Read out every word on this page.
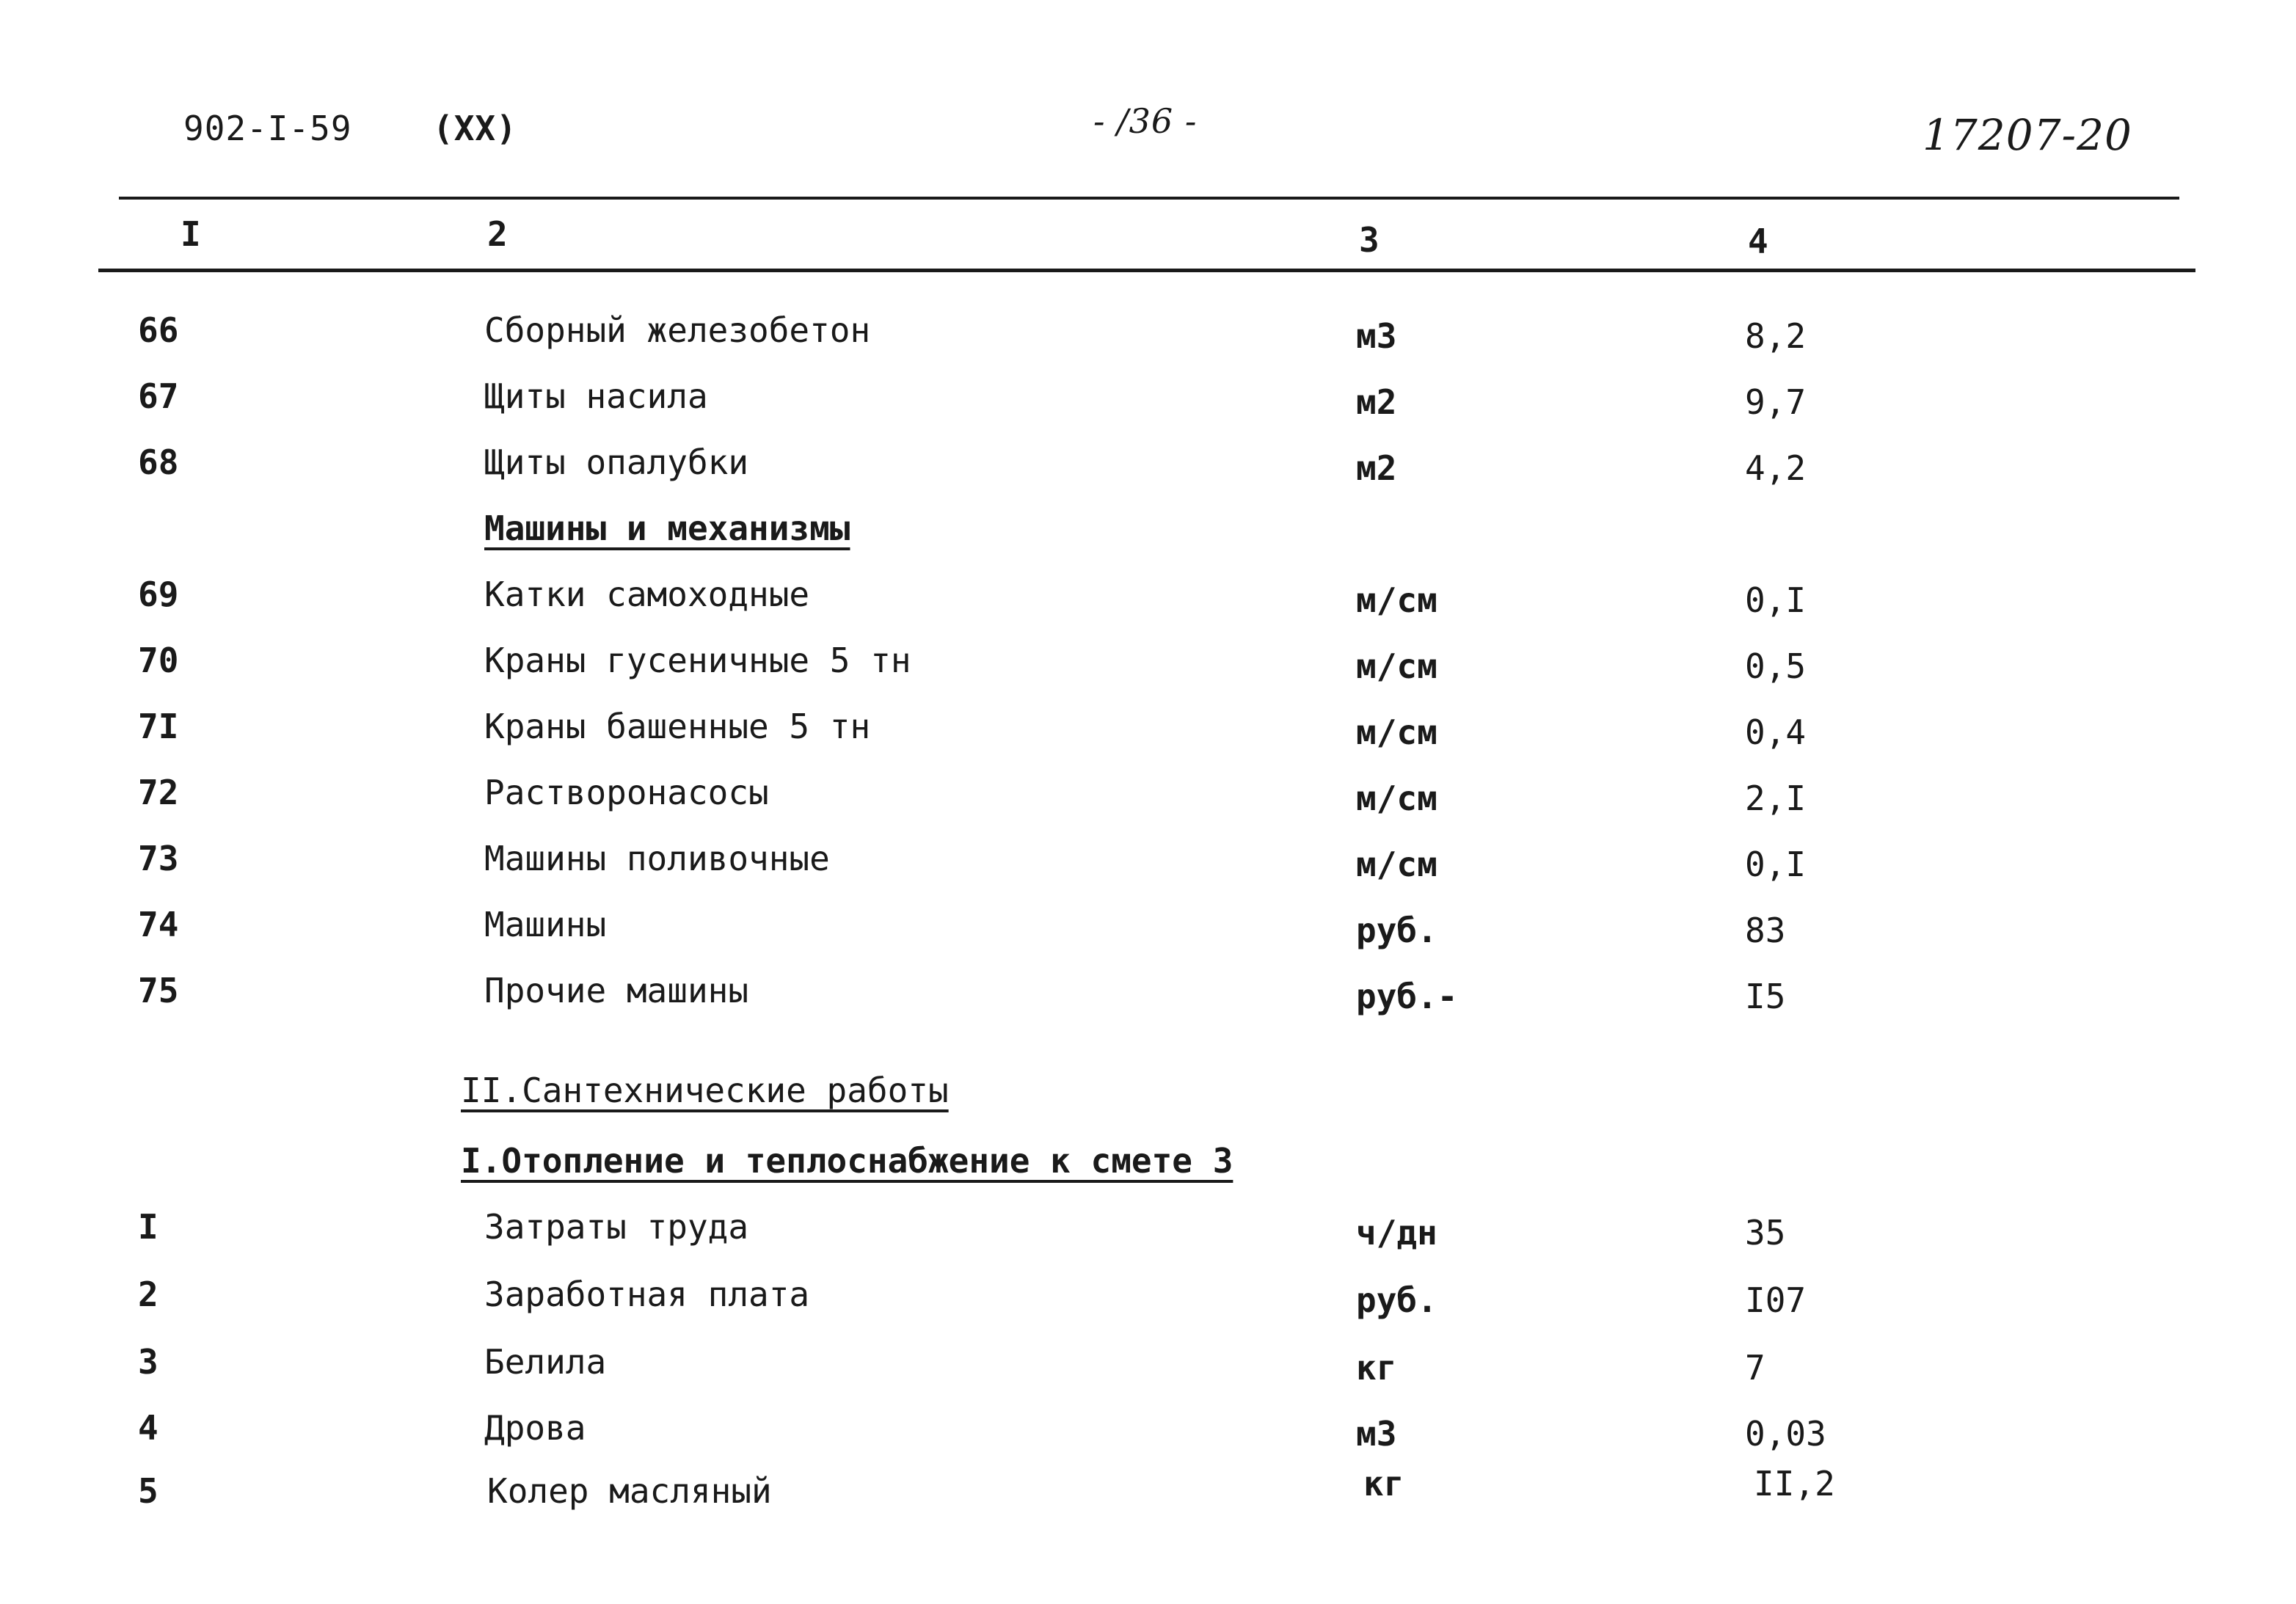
902-I-59 (XX)	- /36 -	17207-20
I	2	3	4
66	Сборный железобетон	м3	8,2
67	Щиты насила	м2	9,7
68	Щиты опалубки	м2	4,2
Машины и механизмы
69	Катки самоходные	м/см	0,I
70	Краны гусеничные 5 тн	м/см	0,5
7I	Краны башенные 5 тн	м/см	0,4
72	Растворонасосы	м/см	2,I
73	Машины поливочные	м/см	0,I
74	Машины	руб.	83
75	Прочие машины	руб.-	I5
II.Сантехнические работы
I.Отопление и теплоснабжение к смете 3
I	Затраты труда	ч/дн	35
2	Заработная плата	руб.	I07
3	Белила	кг	7
4	Дрова	м3	0,03
5	Колер масляный	кг	II,2
